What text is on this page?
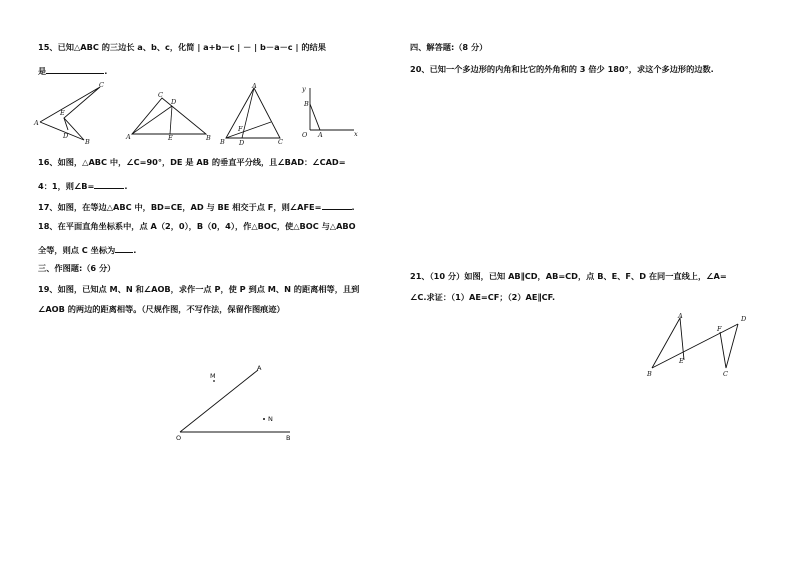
15、已知△ABC 的三边长 a、b、c，化简 | a+b－c | － | b－a－c | 的结果
是	.
A
C
E
D
B
C
D
A	E	B
A
F
C
B D
y
B
O A	x
16、如图，△ABC 中，∠C=90°，DE 是 AB 的垂直平分线，且∠BAD：∠CAD=
4：1，则∠B=	.
17、如图，在等边△ABC 中，BD=CE，AD 与 BE 相交于点 F，则∠AFE=	.
18、在平面直角坐标系中，点 A（2，0），B（0，4），作△BOC，使△BOC 与△ABO
全等，则点 C 坐标为 .
三、作图题:（6 分）
19、如图，已知点 M、N 和∠AOB，求作一点 P，使 P 到点 M、N 的距离相等，且到
∠AOB 的两边的距离相等。（尺规作图，不写作法，保留作图痕迹）
M
N
A
O	B
四、解答题:（8 分）
20、已知一个多边形的内角和比它的外角和的 3 倍少 180°，求这个多边形的边数.
21、（10 分）如图，已知 AB∥CD，AB=CD，点 B、E、F、D 在同一直线上，∠A=
∠C.求证：（1）AE=CF；（2）AE∥CF.
A
B
E
F
D
C
